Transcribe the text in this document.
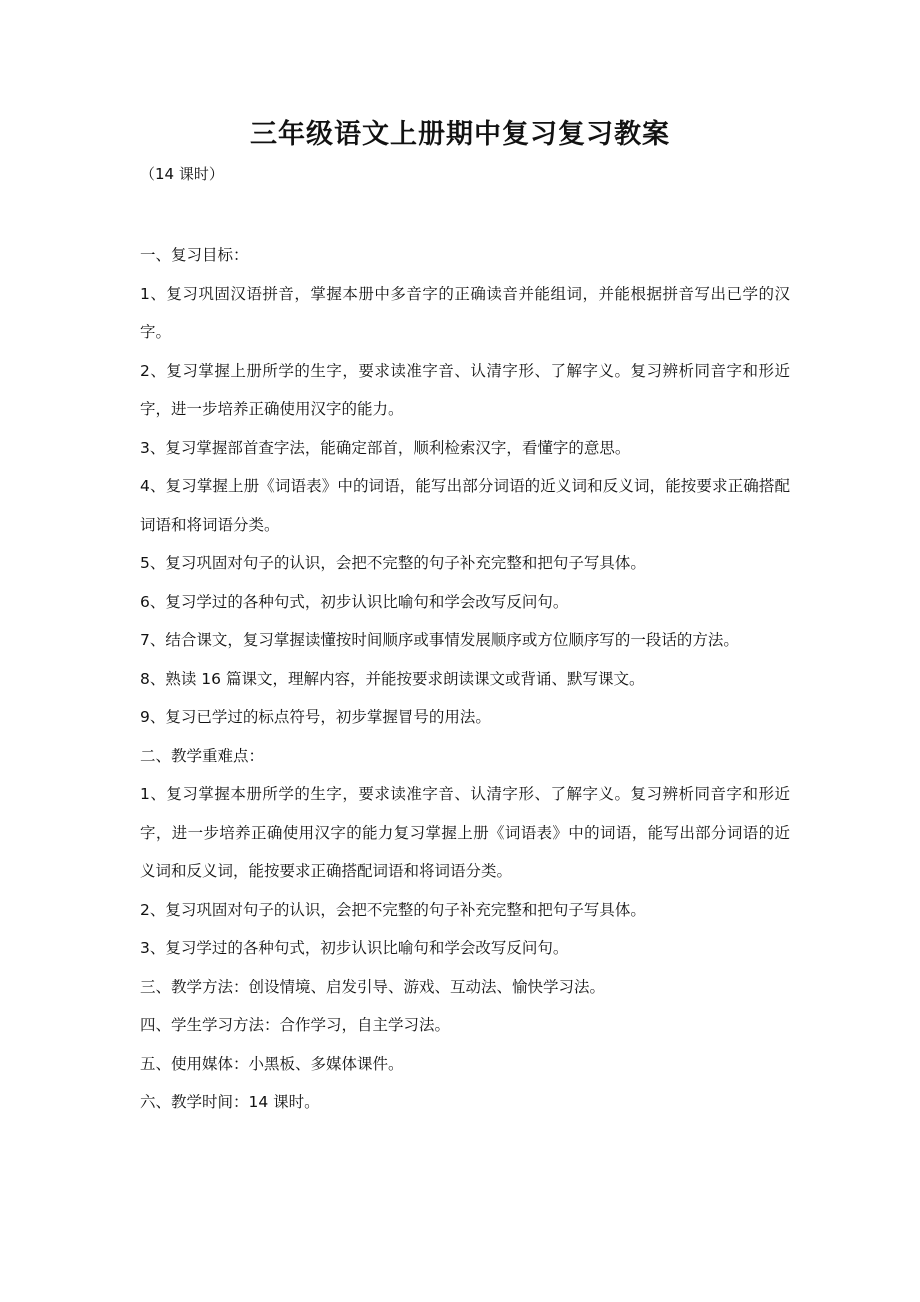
三年级语文上册期中复习复习教案
（14 课时）

一、复习目标：

1、复习巩固汉语拼音，掌握本册中多音字的正确读音并能组词，并能根据拼音写出已学的汉字。

2、复习掌握上册所学的生字，要求读准字音、认清字形、了解字义。复习辨析同音字和形近字，进一步培养正确使用汉字的能力。

3、复习掌握部首查字法，能确定部首，顺利检索汉字，看懂字的意思。

4、复习掌握上册《词语表》中的词语，能写出部分词语的近义词和反义词，能按要求正确搭配词语和将词语分类。

5、复习巩固对句子的认识，会把不完整的句子补充完整和把句子写具体。

6、复习学过的各种句式，初步认识比喻句和学会改写反问句。

7、结合课文，复习掌握读懂按时间顺序或事情发展顺序或方位顺序写的一段话的方法。

8、熟读 16 篇课文，理解内容，并能按要求朗读课文或背诵、默写课文。

9、复习已学过的标点符号，初步掌握冒号的用法。

二、教学重难点：

1、复习掌握本册所学的生字，要求读准字音、认清字形、了解字义。复习辨析同音字和形近字，进一步培养正确使用汉字的能力复习掌握上册《词语表》中的词语，能写出部分词语的近义词和反义词，能按要求正确搭配词语和将词语分类。

2、复习巩固对句子的认识，会把不完整的句子补充完整和把句子写具体。

3、复习学过的各种句式，初步认识比喻句和学会改写反问句。

三、教学方法：创设情境、启发引导、游戏、互动法、愉快学习法。

四、学生学习方法：合作学习，自主学习法。

五、使用媒体：小黑板、多媒体课件。

六、教学时间：14 课时。
